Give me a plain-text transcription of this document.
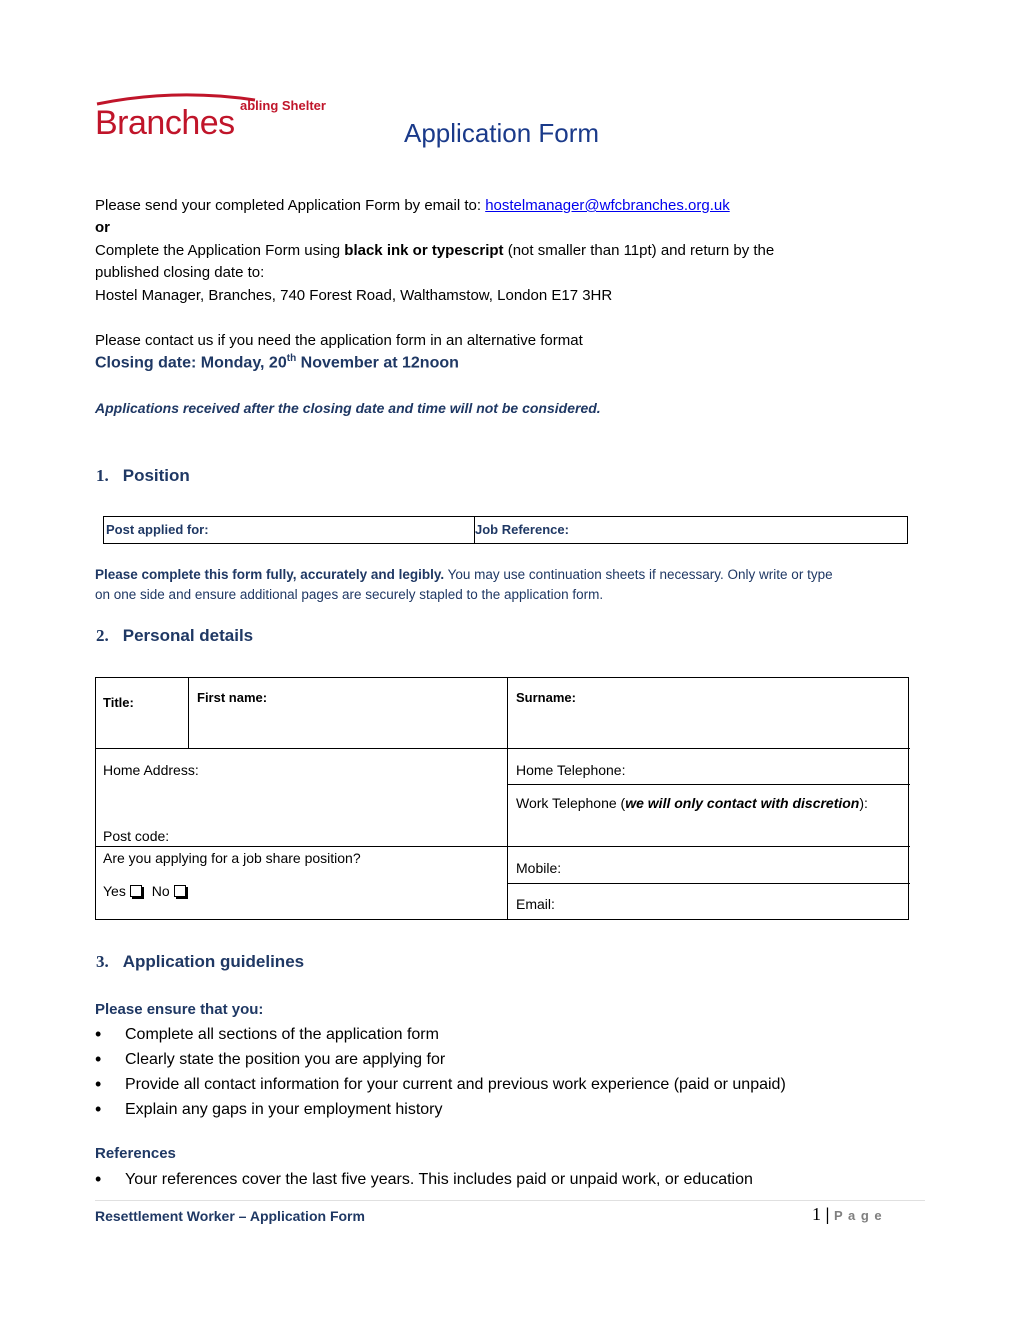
abling Shelter
Branches	Application Form
Please send your completed Application Form by email to: hostelmanager@wfcbranches.org.uk
or
Complete the Application Form using black ink or typescript (not smaller than 11pt) and return by the
published closing date to:
Hostel Manager, Branches, 740 Forest Road, Walthamstow, London E17 3HR
Please contact us if you need the application form in an alternative format
Closing date: Monday, 20th November at 12noon
Applications received after the closing date and time will not be considered.
1. Position
Post applied for:	Job Reference:
Please complete this form fully, accurately and legibly. You may use continuation sheets if necessary. Only write or type
on one side and ensure additional pages are securely stapled to the application form.
2. Personal details
Title:	First name:	Surname:
Home Address:
Post code:
Home Telephone:
Work Telephone (we will only contact with discretion):
Are you applying for a job share position?
Yes No
Mobile:
Email:
3. Application guidelines
Please ensure that you:
• Complete all sections of the application form
• Clearly state the position you are applying for
• Provide all contact information for your current and previous work experience (paid or unpaid)
• Explain any gaps in your employment history
References
• Your references cover the last five years. This includes paid or unpaid work, or education
Resettlement Worker – Application Form	1 | P a g e
